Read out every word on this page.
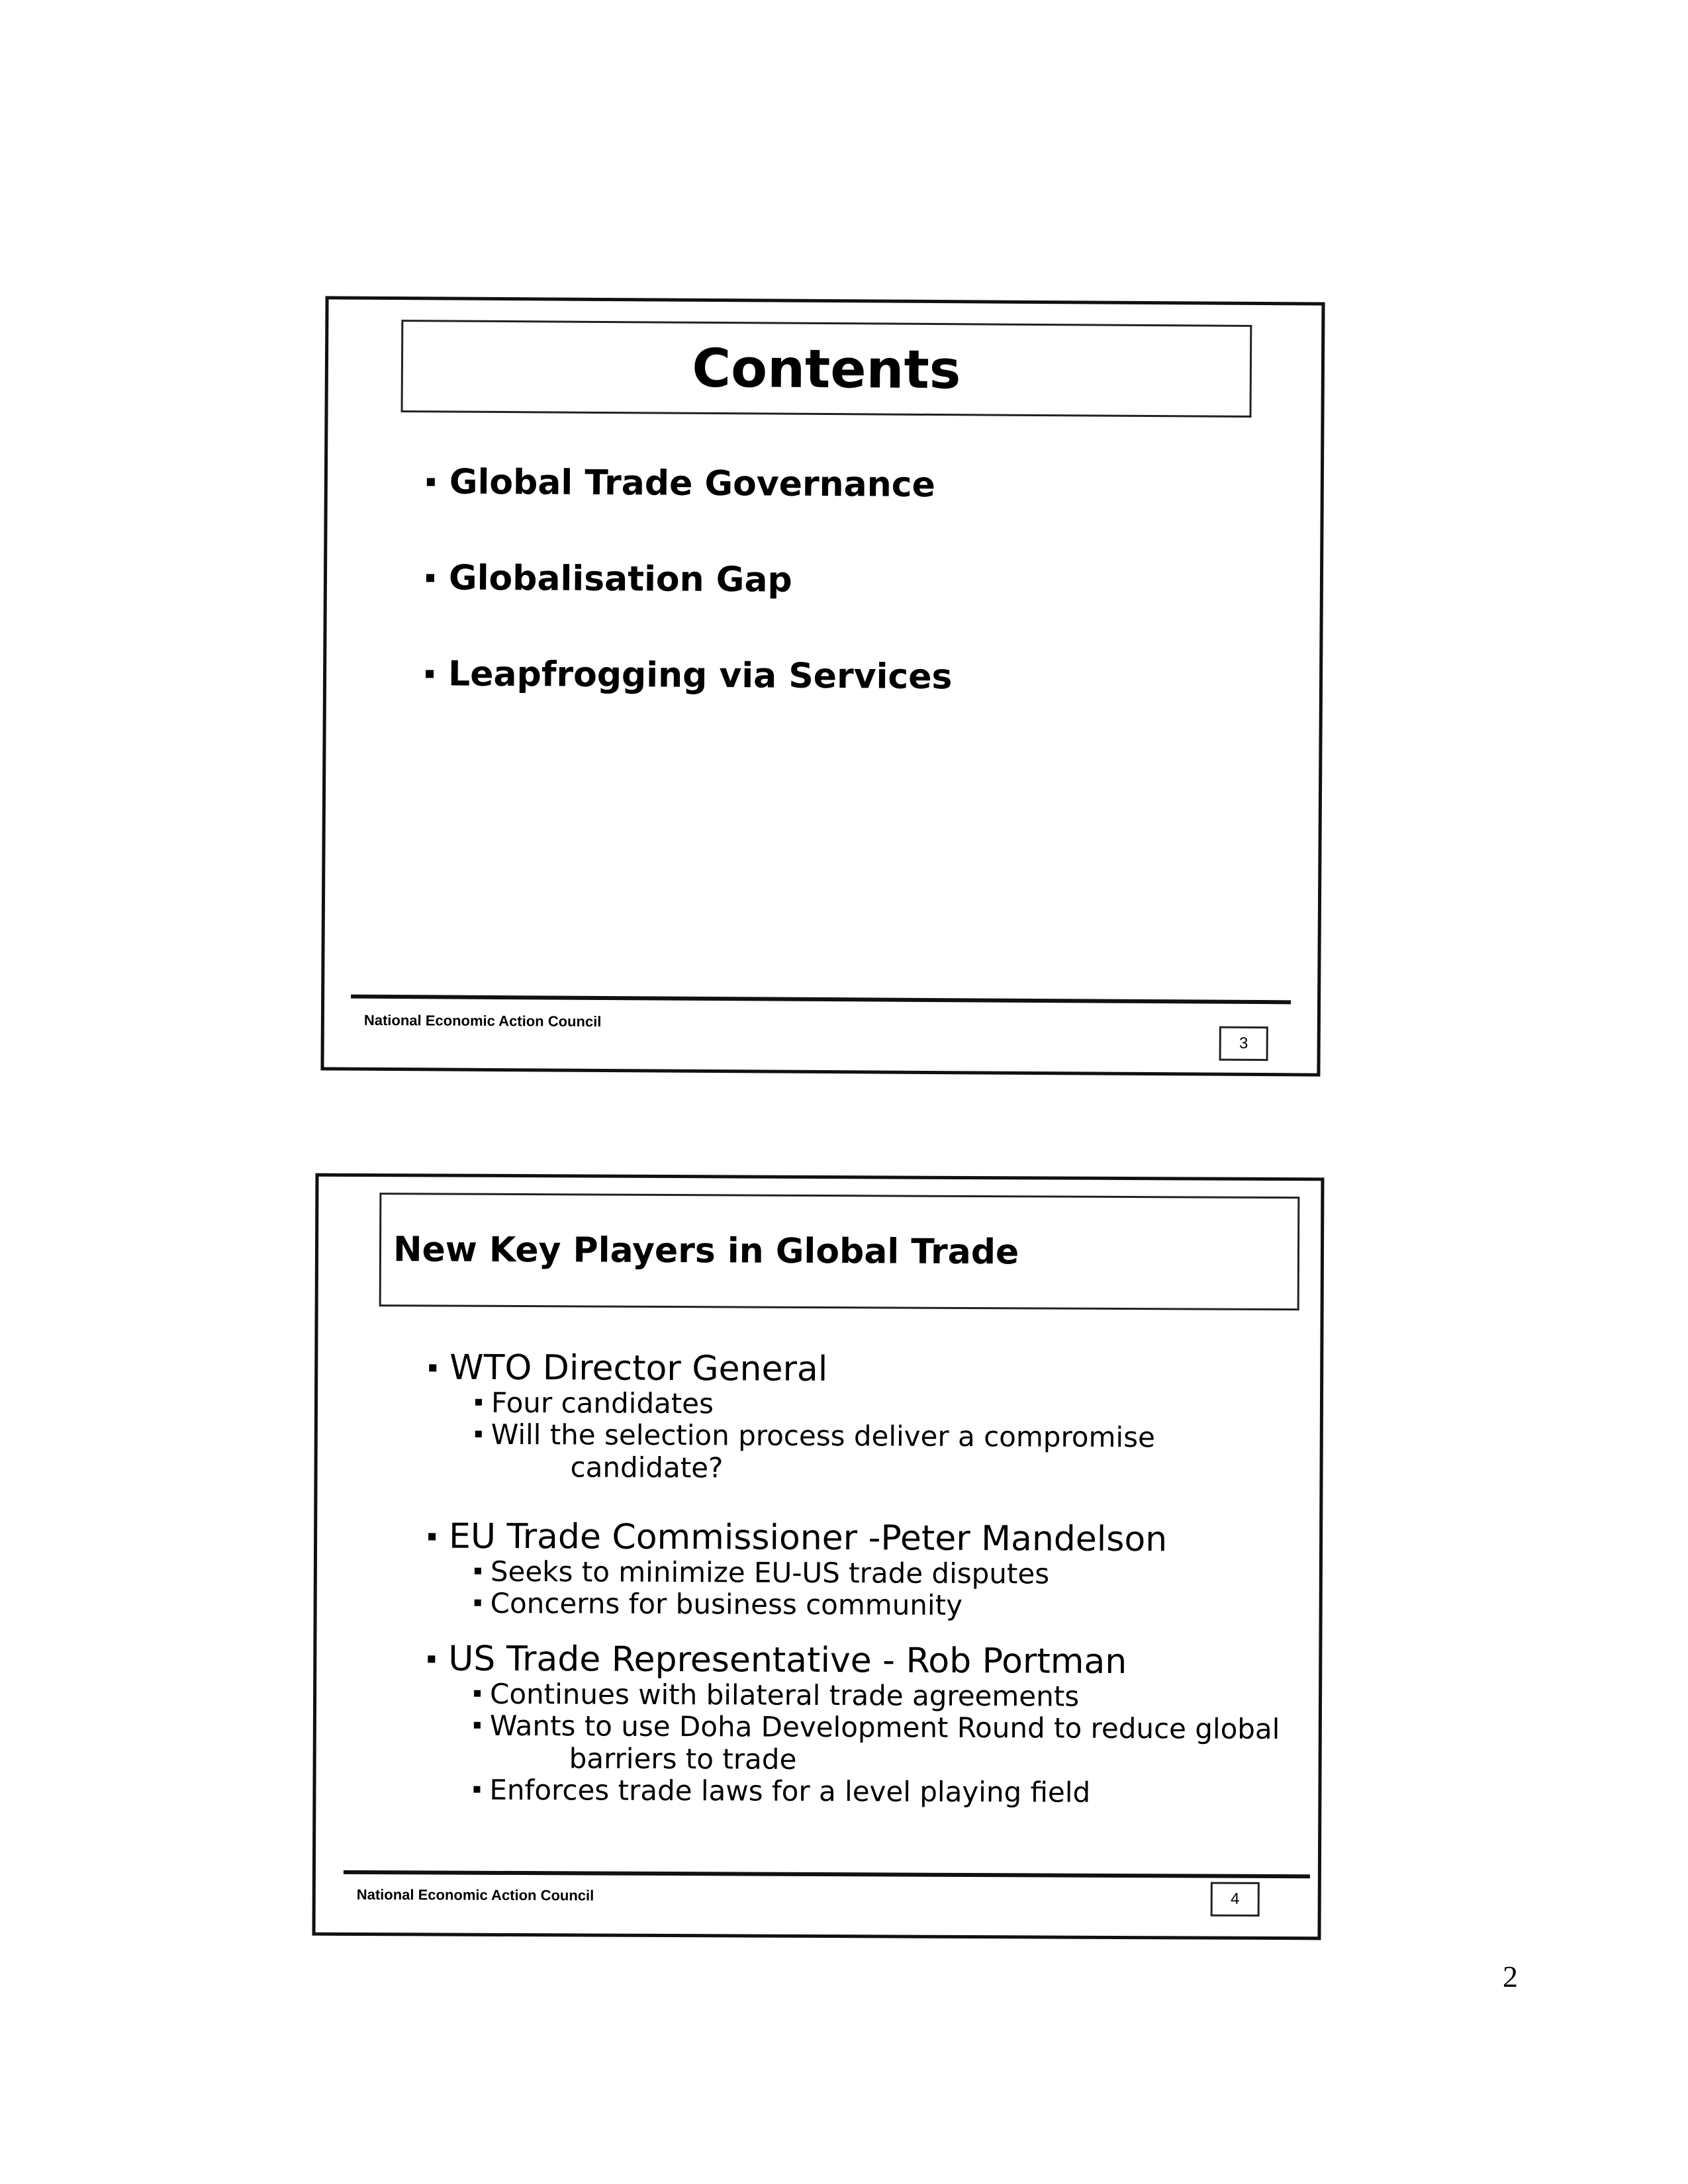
Contents
Global Trade Governance
Globalisation Gap
Leapfrogging via Services
National Economic Action Council
3
New Key Players in Global Trade
WTO Director General
Four candidates
Will the selection process deliver a compromise
candidate?
EU Trade Commissioner -Peter Mandelson
Seeks to minimize EU-US trade disputes
Concerns for business community
US Trade Representative - Rob Portman
Continues with bilateral trade agreements
Wants to use Doha Development Round to reduce global
barriers to trade
Enforces trade laws for a level playing field
National Economic Action Council	4
2
